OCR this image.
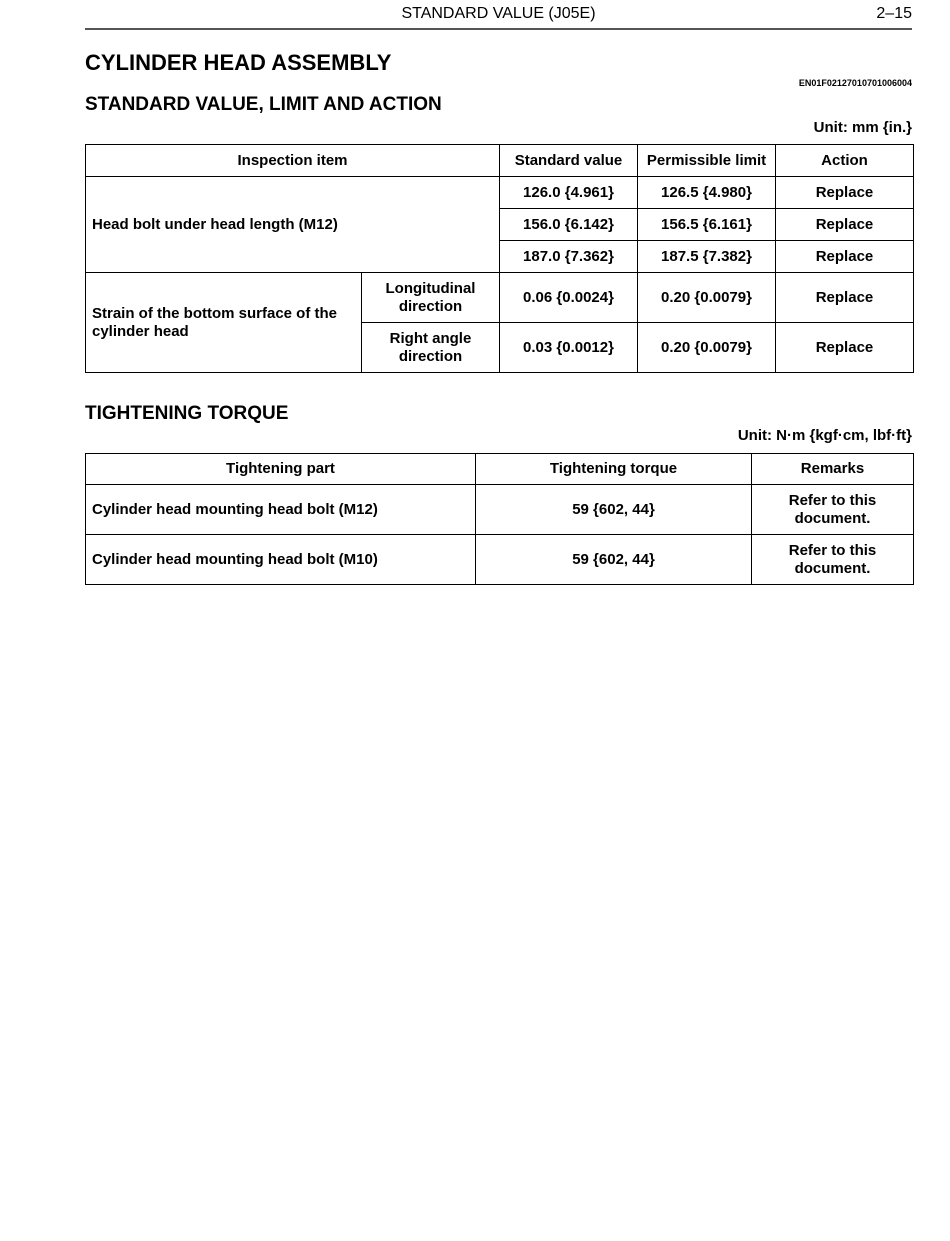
STANDARD VALUE (J05E)	2–15
CYLINDER HEAD ASSEMBLY
EN01F02127010701006004
STANDARD VALUE, LIMIT AND ACTION
Unit: mm {in.}
Inspection item		Standard value	Permissible limit	Action
Head bolt under head length (M12)		126.0 {4.961}	126.5 {4.980}	Replace
		156.0 {6.142}	156.5 {6.161}	Replace
		187.0 {7.362}	187.5 {7.382}	Replace
Strain of the bottom surface of the cylinder head	Longitudinal direction	0.06 {0.0024}	0.20 {0.0079}	Replace
	Right angle direction	0.03 {0.0012}	0.20 {0.0079}	Replace
TIGHTENING TORQUE
Unit: N·m {kgf·cm, lbf·ft}
Tightening part	Tightening torque	Remarks
Cylinder head mounting head bolt (M12)	59 {602, 44}	Refer to this document.
Cylinder head mounting head bolt (M10)	59 {602, 44}	Refer to this document.
